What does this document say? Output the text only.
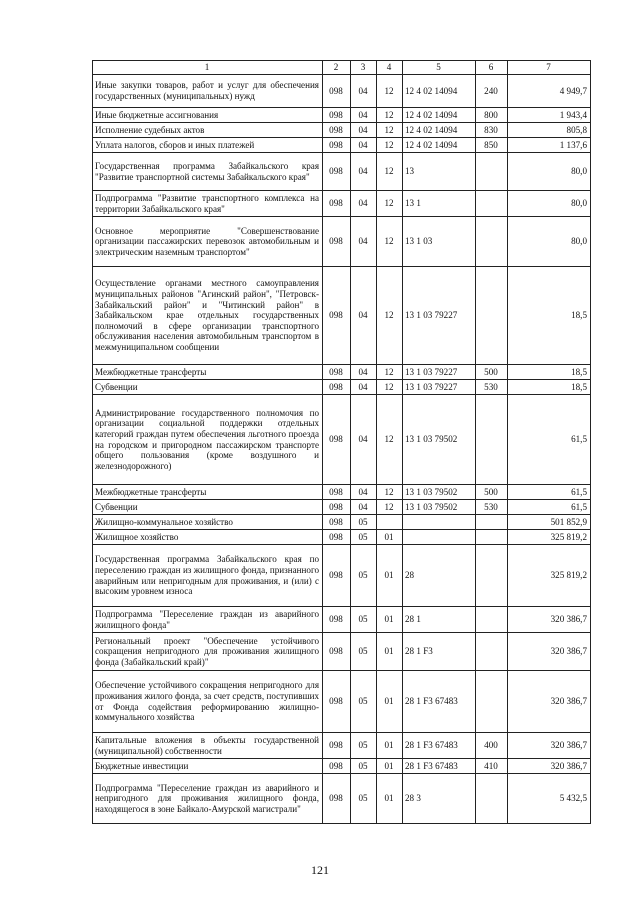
1	2	3	4	5	6	7
Иные закупки товаров, работ и услуг для обеспечения государственных (муниципальных) нужд	098	04	12	12 4 02 14094	240	4 949,7
Иные бюджетные ассигнования	098	04	12	12 4 02 14094	800	1 943,4
Исполнение судебных актов	098	04	12	12 4 02 14094	830	805,8
Уплата налогов, сборов и иных платежей	098	04	12	12 4 02 14094	850	1 137,6
Государственная программа Забайкальского края "Развитие транспортной системы Забайкальского края"	098	04	12	13		80,0
Подпрограмма "Развитие транспортного комплекса на территории Забайкальского края"	098	04	12	13 1		80,0
Основное мероприятие "Совершенствование организации пассажирских перевозок автомобильным и электрическим наземным транспортом"	098	04	12	13 1 03		80,0
Осуществление органами местного самоуправления муниципальных районов "Агинский район", "Петровск-Забайкальский район" и "Читинский район" в Забайкальском крае отдельных государственных полномочий в сфере организации транспортного обслуживания населения автомобильным транспортом в межмуниципальном сообщении	098	04	12	13 1 03 79227		18,5
Межбюджетные трансферты	098	04	12	13 1 03 79227	500	18,5
Субвенции	098	04	12	13 1 03 79227	530	18,5
Администрирование государственного полномочия по организации социальной поддержки отдельных категорий граждан путем обеспечения льготного проезда на городском и пригородном пассажирском транспорте общего пользования (кроме воздушного и железнодорожного)	098	04	12	13 1 03 79502		61,5
Межбюджетные трансферты	098	04	12	13 1 03 79502	500	61,5
Субвенции	098	04	12	13 1 03 79502	530	61,5
Жилищно-коммунальное хозяйство	098	05				501 852,9
Жилищное хозяйство	098	05	01			325 819,2
Государственная программа Забайкальского края по переселению граждан из жилищного фонда, признанного аварийным или непригодным для проживания, и (или) с высоким уровнем износа	098	05	01	28		325 819,2
Подпрограмма "Переселение граждан из аварийного жилищного фонда"	098	05	01	28 1		320 386,7
Региональный проект "Обеспечение устойчивого сокращения непригодного для проживания жилищного фонда (Забайкальский край)"	098	05	01	28 1 F3		320 386,7
Обеспечение устойчивого сокращения непригодного для проживания жилого фонда, за счет средств, поступивших от Фонда содействия реформированию жилищно-коммунального хозяйства	098	05	01	28 1 F3 67483		320 386,7
Капитальные вложения в объекты государственной (муниципальной) собственности	098	05	01	28 1 F3 67483	400	320 386,7
Бюджетные инвестиции	098	05	01	28 1 F3 67483	410	320 386,7
Подпрограмма "Переселение граждан из аварийного и непригодного для проживания жилищного фонда, находящегося в зоне Байкало-Амурской магистрали"	098	05	01	28 3		5 432,5
121
